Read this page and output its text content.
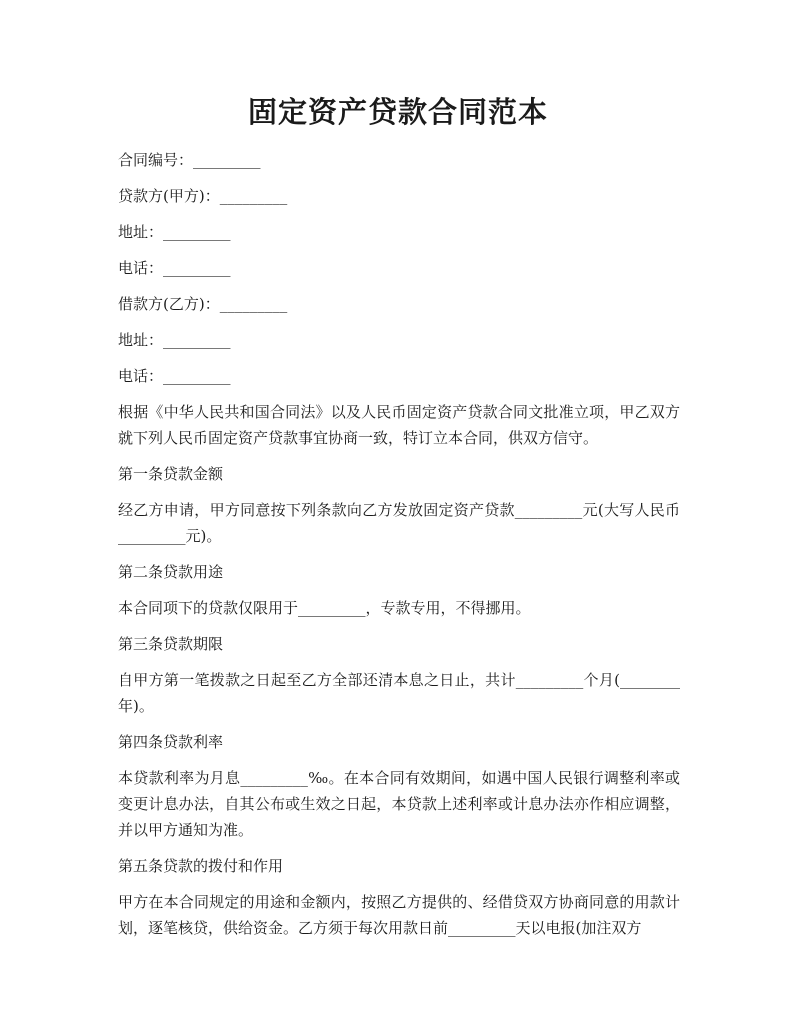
固定资产贷款合同范本

合同编号：_________

贷款方(甲方)：_________

地址：_________

电话：_________

借款方(乙方)：_________

地址：_________

电话：_________

根据《中华人民共和国合同法》以及人民币固定资产贷款合同文批准立项，甲乙双方就下列人民币固定资产贷款事宜协商一致，特订立本合同，供双方信守。

第一条贷款金额

经乙方申请，甲方同意按下列条款向乙方发放固定资产贷款_________元(大写人民币_________元)。

第二条贷款用途

本合同项下的贷款仅限用于_________，专款专用，不得挪用。

第三条贷款期限

自甲方第一笔拨款之日起至乙方全部还清本息之日止，共计_________个月(________年)。

第四条贷款利率

本贷款利率为月息_________‰。在本合同有效期间，如遇中国人民银行调整利率或变更计息办法，自其公布或生效之日起，本贷款上述利率或计息办法亦作相应调整，并以甲方通知为准。

第五条贷款的拨付和作用

甲方在本合同规定的用途和金额内，按照乙方提供的、经借贷双方协商同意的用款计划，逐笔核贷，供给资金。乙方须于每次用款日前_________天以电报(加注双方
